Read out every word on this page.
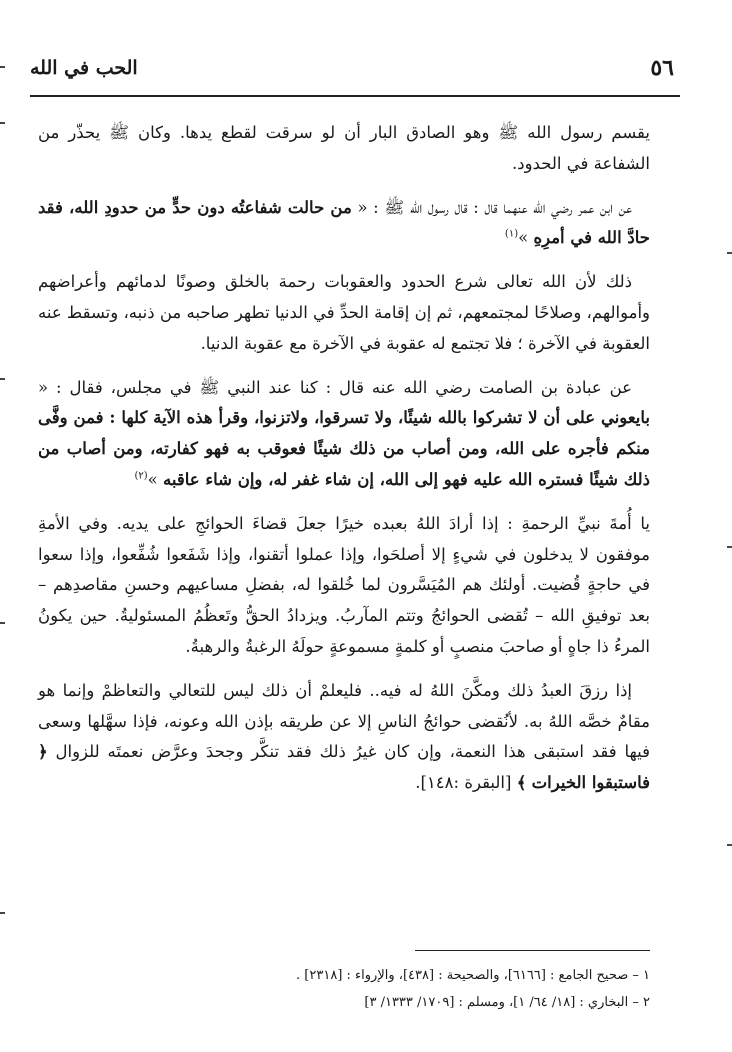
الحب في الله	٥٦

يقسم رسول الله ﷺ وهو الصادق البار أن لو سرقت لقطع يدها. وكان ﷺ يحذّر من الشفاعة في الحدود.

عن ابن عمر رضي الله عنهما قال : قال رسول الله ﷺ : « من حالت شفاعتُه دون حدٍّ من حدودِ الله، فقد حادَّ الله في أمرِهِ »$^{(١)}$

ذلك لأن الله تعالى شرع الحدود والعقوبات رحمة بالخلق وصونًا لدمائهم وأعراضهم وأموالهم، وصلاحًا لمجتمعهم، ثم إن إقامة الحدِّ في الدنيا تطهر صاحبه من ذنبه، وتسقط عنه العقوبة في الآخرة ؛ فلا تجتمع له عقوبة في الآخرة مع عقوبة الدنيا.

عن عبادة بن الصامت رضي الله عنه قال : كنا عند النبي ﷺ في مجلس، فقال : « بايعوني على أن لا تشركوا بالله شيئًا، ولا تسرقوا، ولاتزنوا، وقرأ هذه الآية كلها : فمن وفَّى منكم فأجره على الله، ومن أصاب من ذلك شيئًا فعوقب به فهو كفارته، ومن أصاب من ذلك شيئًا فستره الله عليه فهو إلى الله، إن شاء غفر له، وإن شاء عاقبه »$^{(٢)}$

يا أُمةَ نبيِّ الرحمةِ : إذا أرادَ اللهُ بعبده خيرًا جعلَ قضاءَ الحوائجِ على يديه. وفي الأمةِ موفقون لا يدخلون في شيءٍ إلا أصلحَوا، وإذا عملوا أتقنوا، وإذا شَفَعوا شُفِّعوا، وإذا سعوا في حاجةٍ قُضيت. أولئك هم المُيَسَّرون لما خُلقوا له، بفضلِ مساعيهم وحسنِ مقاصدِهم – بعد توفيقِ الله – تُقضى الحوائجُ وتتم المآربُ. ويزدادُ الحقُّ وتَعظُمُ المسئوليةُ. حين يكونُ المرءُ ذا جاهٍ أو صاحبَ منصبٍ أو كلمةٍ مسموعةٍ حولَهُ الرغبةُ والرهبةُ.

إذا رزقَ العبدُ ذلك ومكَّنَ اللهُ له فيه.. فليعلمْ أن ذلك ليس للتعالي والتعاظمْ وإنما هو مقامٌ خصَّه اللهُ به. لأنُقضى حوائجُ الناسِ إلا عن طريقه بإذن الله وعونه، فإذا سهَّلها وسعى فيها فقد استبقى هذا النعمة، وإن كان غيرُ ذلك فقد تنكَّر وجحدَ وعرَّض نعمتَه للزوال ﴿ فاستبقوا الخيرات ﴾ [البقرة :١٤٨].

١ – صحيح الجامع : [٦١٦٦]، والصحيحة : [٤٣٨]، والإرواء : [٢٣١٨] .
٢ – البخاري : [١٨/ ٦٤/ ١]، ومسلم : [١٧٠٩/ ١٣٣٣/ ٣]
